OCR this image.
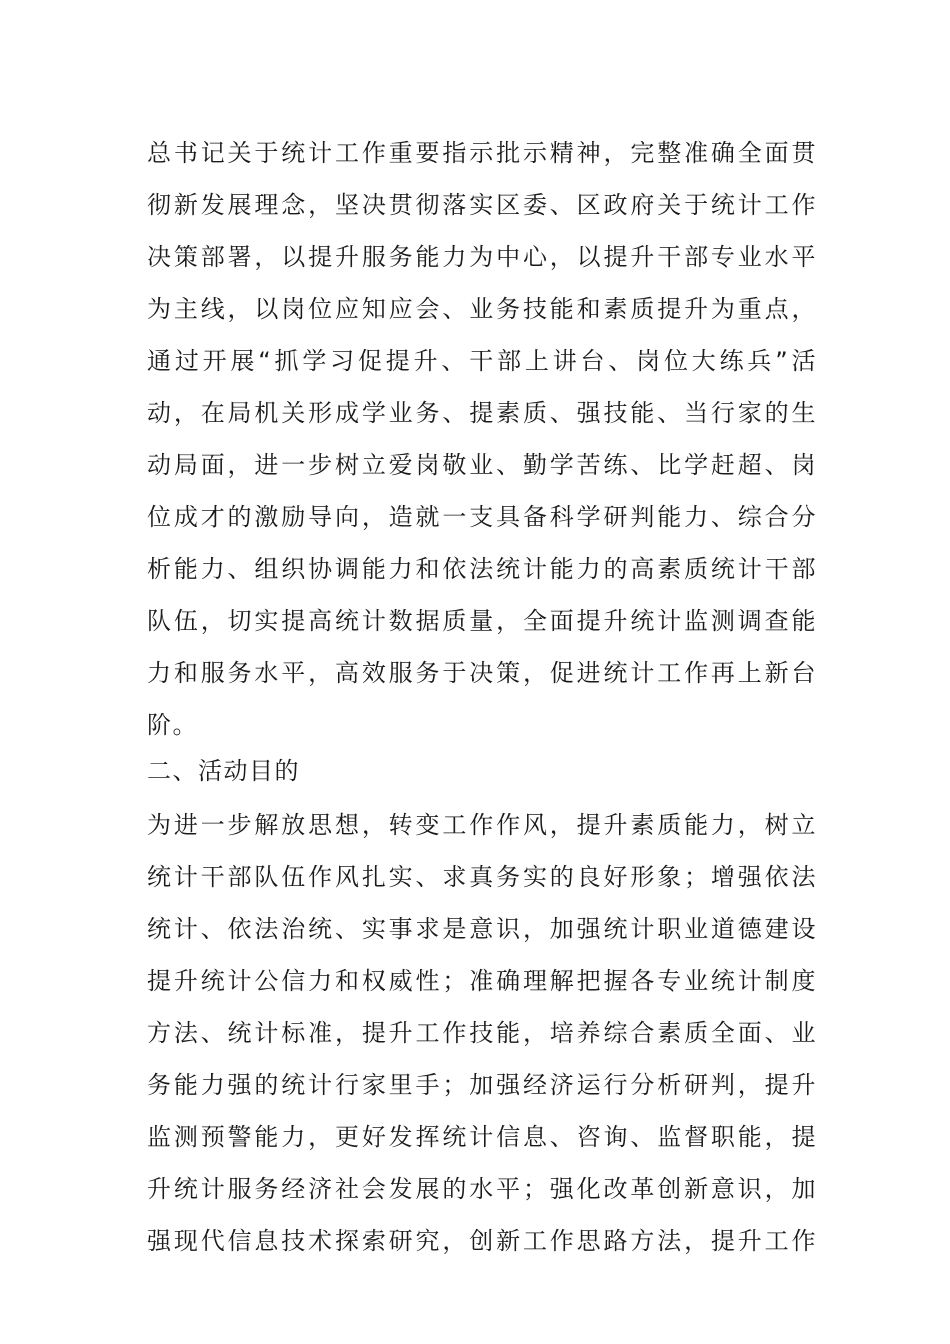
总书记关于统计工作重要指示批示精神，完整准确全面贯
彻新发展理念，坚决贯彻落实区委、区政府关于统计工作
决策部署，以提升服务能力为中心，以提升干部专业水平
为主线，以岗位应知应会、业务技能和素质提升为重点，
通过开展“抓学习促提升、干部上讲台、岗位大练兵”活
动，在局机关形成学业务、提素质、强技能、当行家的生
动局面，进一步树立爱岗敬业、勤学苦练、比学赶超、岗
位成才的激励导向，造就一支具备科学研判能力、综合分
析能力、组织协调能力和依法统计能力的高素质统计干部
队伍，切实提高统计数据质量，全面提升统计监测调查能
力和服务水平，高效服务于决策，促进统计工作再上新台
阶。
二、活动目的
为进一步解放思想，转变工作作风，提升素质能力，树立
统计干部队伍作风扎实、求真务实的良好形象；增强依法
统计、依法治统、实事求是意识，加强统计职业道德建设
提升统计公信力和权威性；准确理解把握各专业统计制度
方法、统计标准，提升工作技能，培养综合素质全面、业
务能力强的统计行家里手；加强经济运行分析研判，提升
监测预警能力，更好发挥统计信息、咨询、监督职能，提
升统计服务经济社会发展的水平；强化改革创新意识，加
强现代信息技术探索研究，创新工作思路方法，提升工作
